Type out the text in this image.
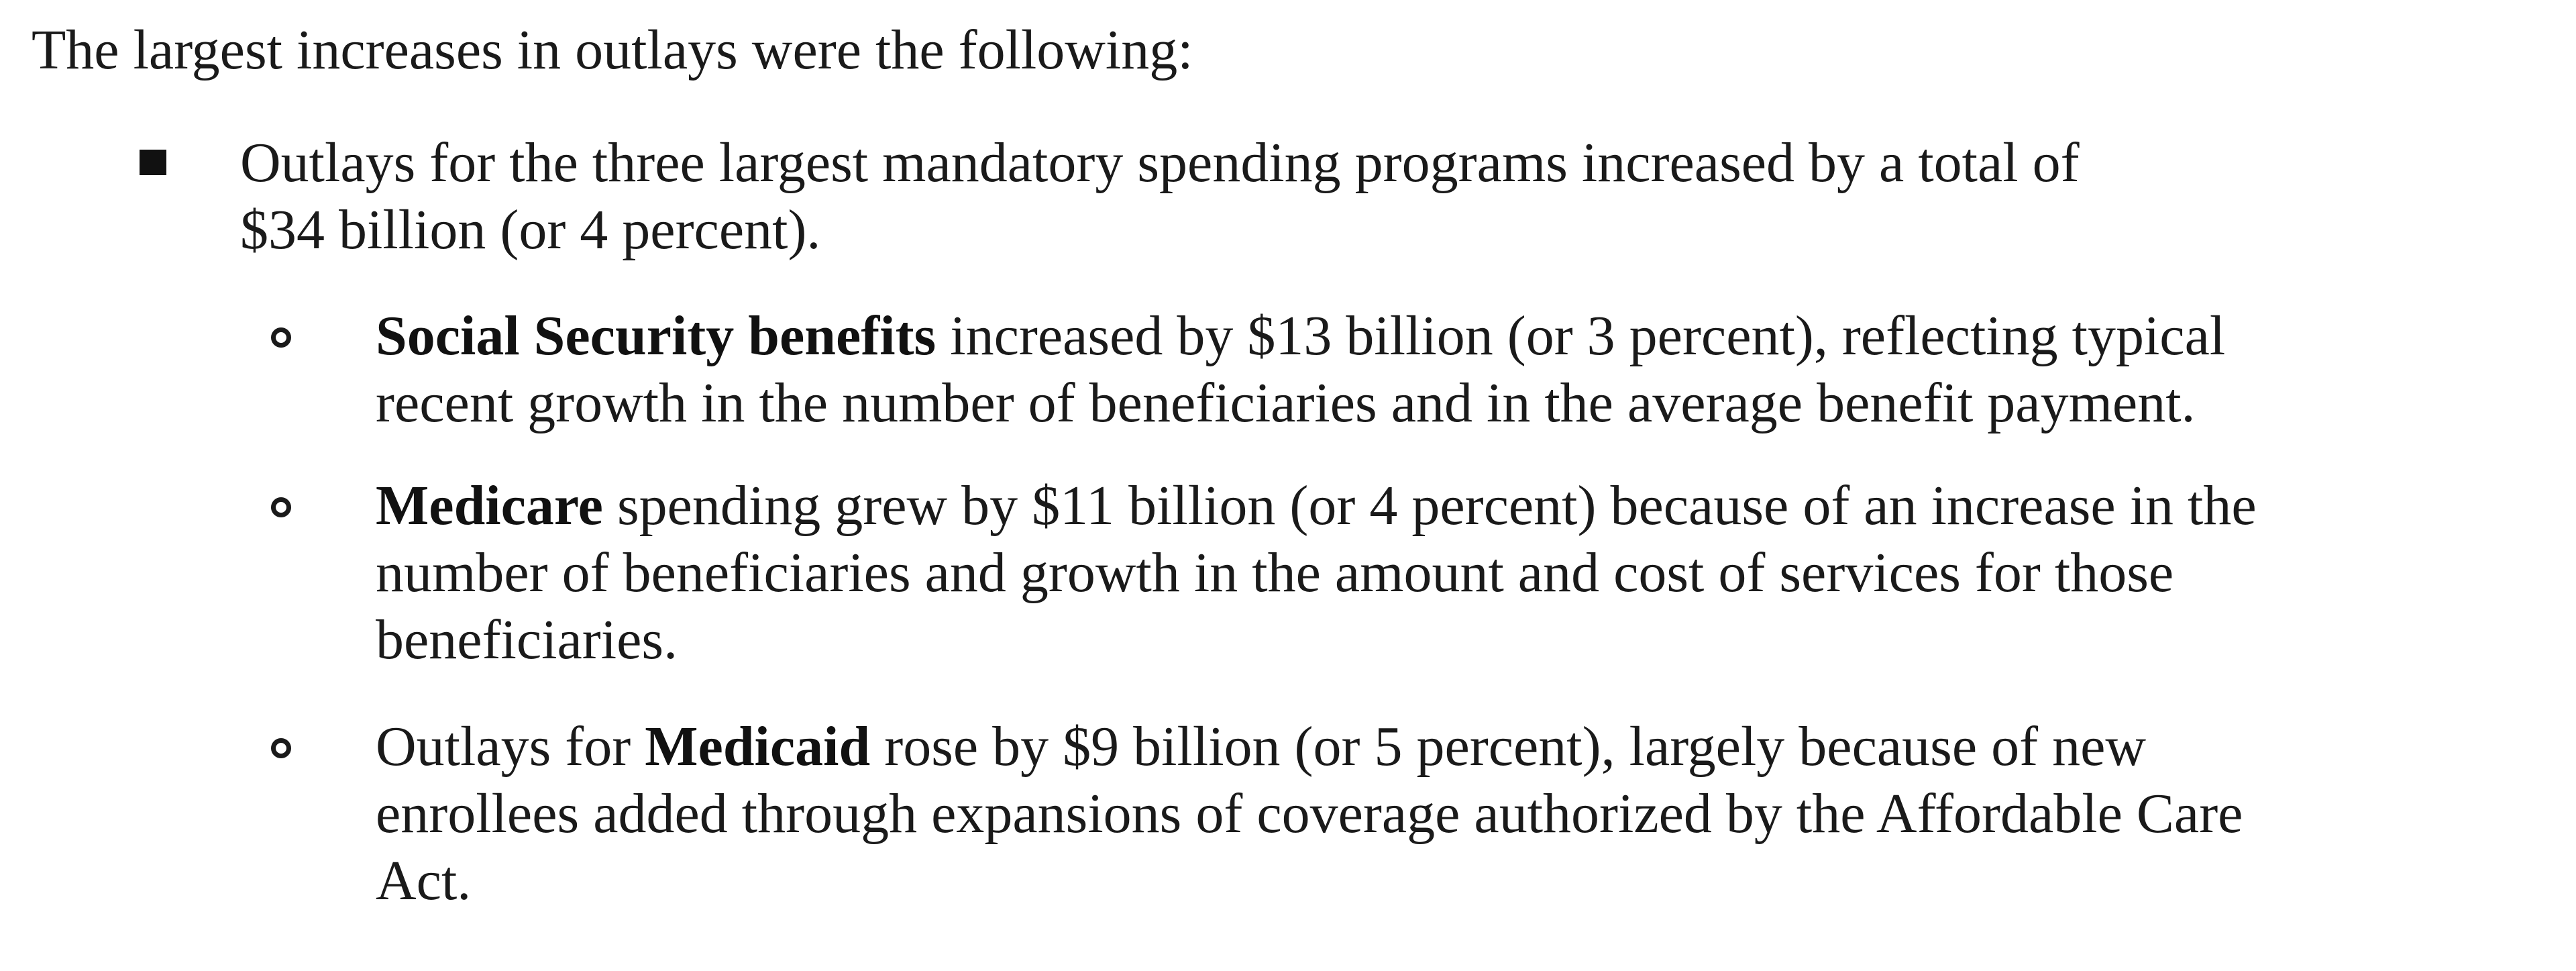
The largest increases in outlays were the following:

Outlays for the three largest mandatory spending programs increased by a total of
$34 billion (or 4 percent).

Social Security benefits increased by $13 billion (or 3 percent), reflecting typical
recent growth in the number of beneficiaries and in the average benefit payment.

Medicare spending grew by $11 billion (or 4 percent) because of an increase in the
number of beneficiaries and growth in the amount and cost of services for those
beneficiaries.

Outlays for Medicaid rose by $9 billion (or 5 percent), largely because of new
enrollees added through expansions of coverage authorized by the Affordable Care
Act.
